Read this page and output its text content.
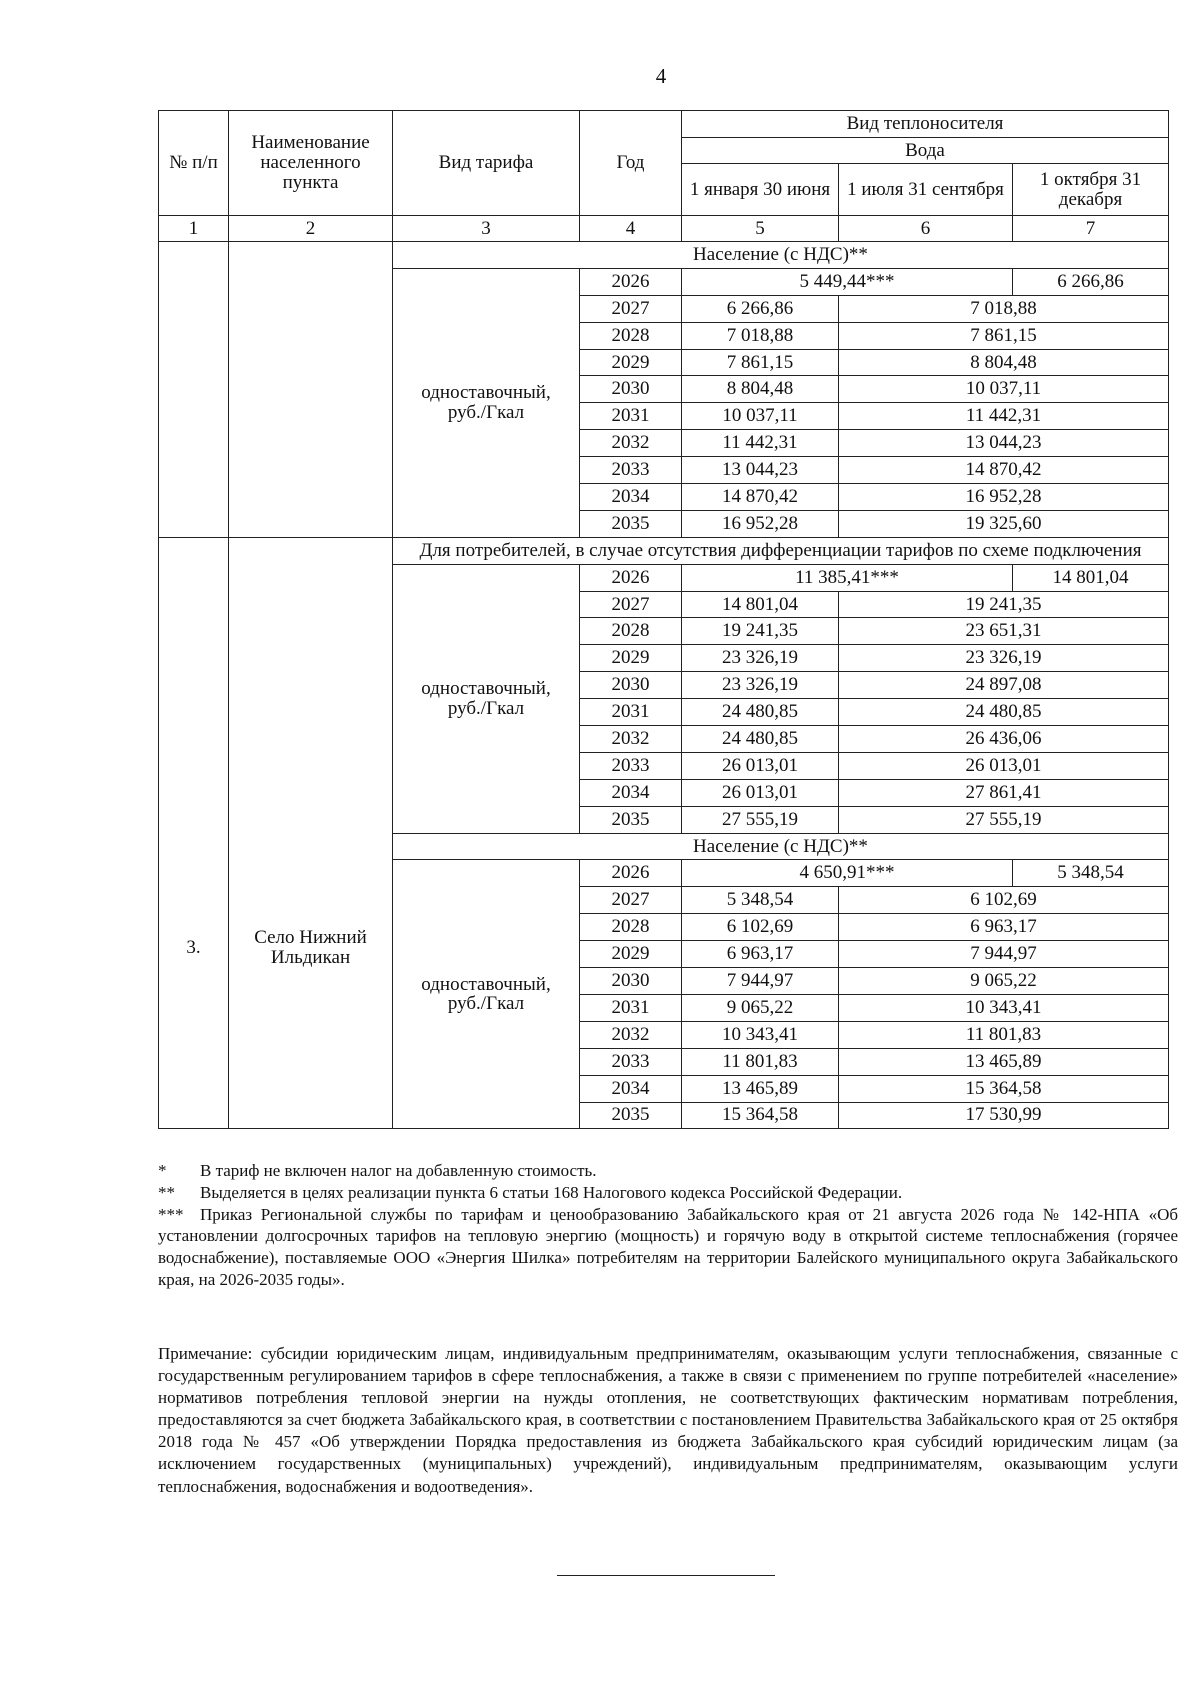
4
№ п/п	Наименование населенного пункта	Вид тарифа	Год	Вид теплоносителя		
				Вода		
				1 января 30 июня	1 июля 31 сентября	1 октября 31 декабря

1	2	3	4	5	6	7
		Население (с НДС)**				
		одноставочный, руб./Гкал	2026	5 449,44***		6 266,86
			2027	6 266,86	7 018,88	
			2028	7 018,88	7 861,15	
			2029	7 861,15	8 804,48	
			2030	8 804,48	10 037,11	
			2031	10 037,11	11 442,31	
			2032	11 442,31	13 044,23	
			2033	13 044,23	14 870,42	
			2034	14 870,42	16 952,28	
			2035	16 952,28	19 325,60	
3.	Село Нижний Ильдикан	Для потребителей, в случае отсутствия дифференциации тарифов по схеме подключения				
		одноставочный, руб./Гкал	2026	11 385,41***		14 801,04
			2027	14 801,04	19 241,35	
			2028	19 241,35	23 651,31	
			2029	23 326,19	23 326,19	
			2030	23 326,19	24 897,08	
			2031	24 480,85	24 480,85	
			2032	24 480,85	26 436,06	
			2033	26 013,01	26 013,01	
			2034	26 013,01	27 861,41	
			2035	27 555,19	27 555,19	
		Население (с НДС)**				
		одноставочный, руб./Гкал	2026	4 650,91***		5 348,54
			2027	5 348,54	6 102,69	
			2028	6 102,69	6 963,17	
			2029	6 963,17	7 944,97	
			2030	7 944,97	9 065,22	
			2031	9 065,22	10 343,41	
			2032	10 343,41	11 801,83	
			2033	11 801,83	13 465,89	
			2034	13 465,89	15 364,58	
			2035	15 364,58	17 530,99	
*	В тариф не включен налог на добавленную стоимость.
**	Выделяется в целях реализации пункта 6 статьи 168 Налогового кодекса Российской Федерации.
*** Приказ Региональной службы по тарифам и ценообразованию Забайкальского края от 21 августа 2026 года № 142-НПА «Об установлении долгосрочных тарифов на тепловую энергию (мощность) и горячую воду в открытой системе теплоснабжения (горячее водоснабжение), поставляемые ООО «Энергия Шилка» потребителям на территории Балейского муниципального округа Забайкальского края, на 2026-2035 годы».
Примечание: субсидии юридическим лицам, индивидуальным предпринимателям, оказывающим услуги теплоснабжения, связанные с государственным регулированием тарифов в сфере теплоснабжения, а также в связи с применением по группе потребителей «население» нормативов потребления тепловой энергии на нужды отопления, не соответствующих фактическим нормативам потребления, предоставляются за счет бюджета Забайкальского края, в соответствии с постановлением Правительства Забайкальского края от 25 октября 2018 года № 457 «Об утверждении Порядка предоставления из бюджета Забайкальского края субсидий юридическим лицам (за исключением государственных (муниципальных) учреждений), индивидуальным предпринимателям, оказывающим услуги теплоснабжения, водоснабжения и водоотведения».
